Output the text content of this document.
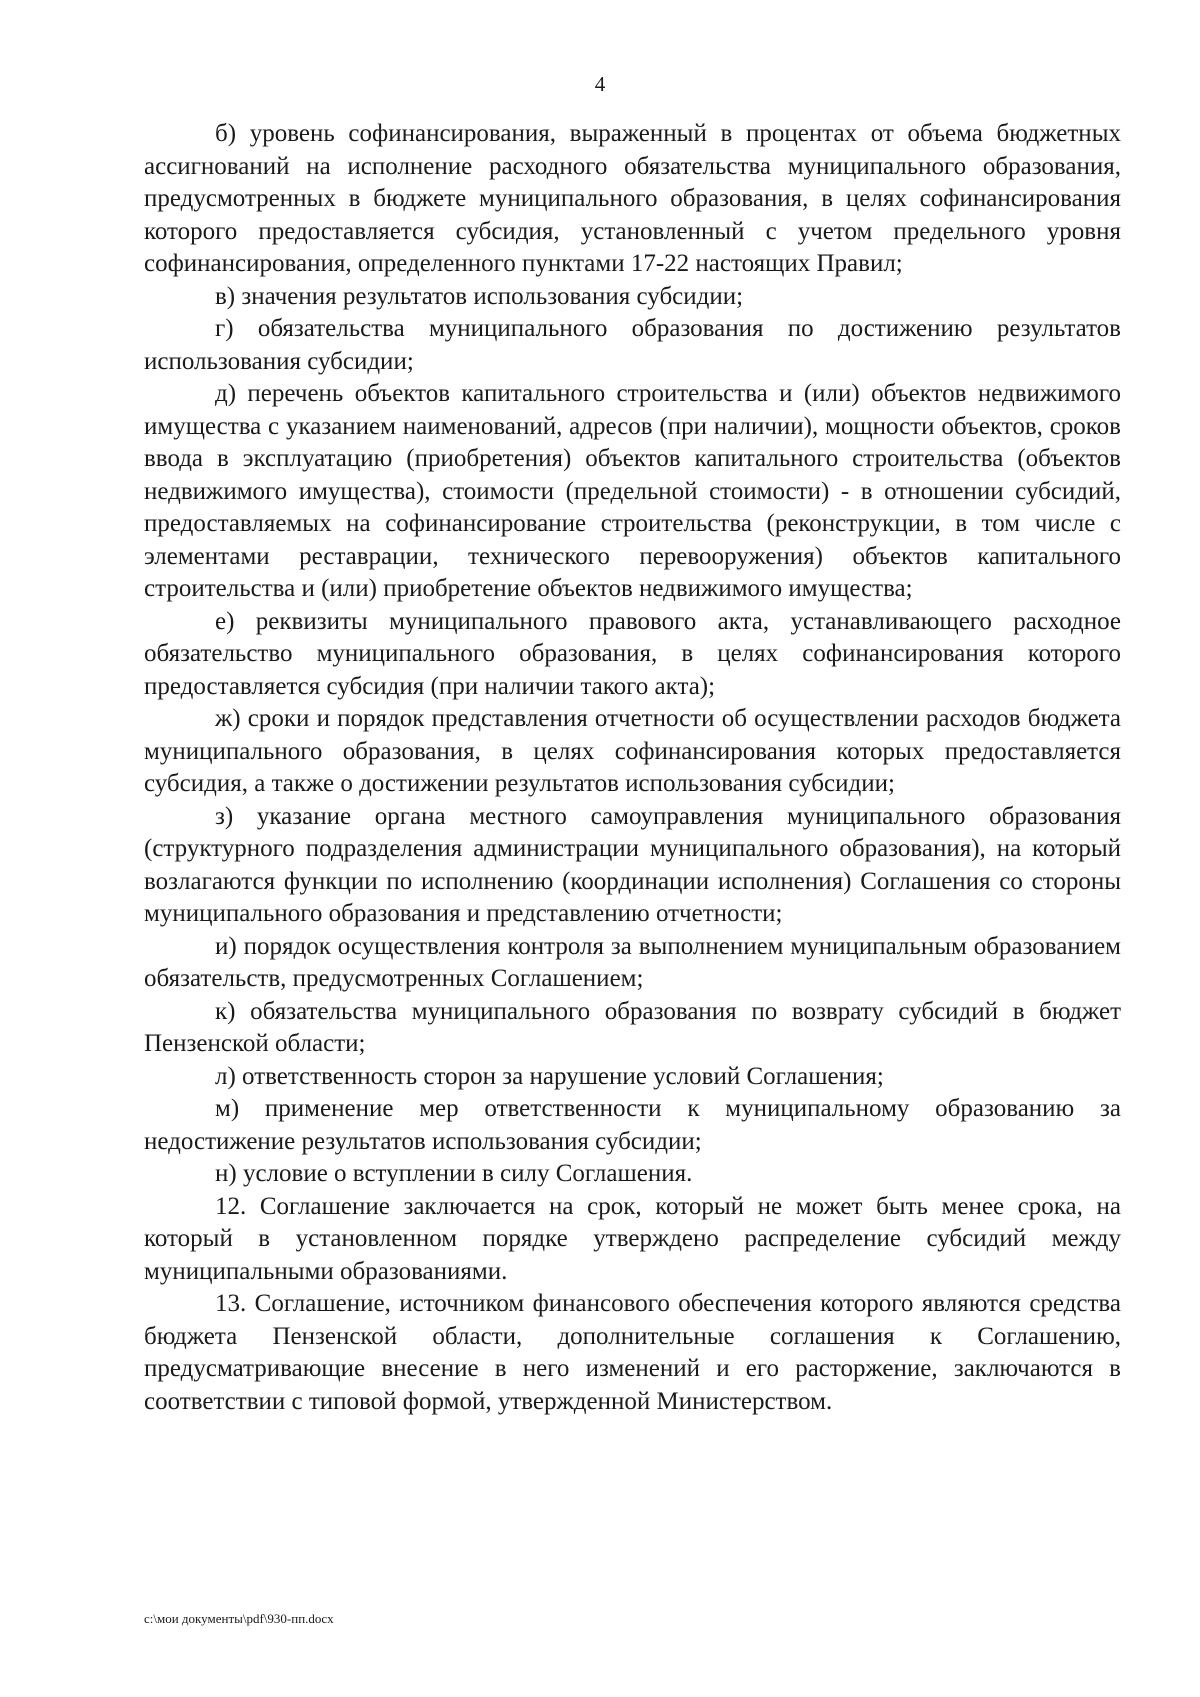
4

б) уровень софинансирования, выраженный в процентах от объема бюджетных ассигнований на исполнение расходного обязательства муниципального образования, предусмотренных в бюджете муниципального образования, в целях софинансирования которого предоставляется субсидия, установленный с учетом предельного уровня софинансирования, определенного пунктами 17-22 настоящих Правил;

в) значения результатов использования субсидии;

г) обязательства муниципального образования по достижению результатов использования субсидии;

д) перечень объектов капитального строительства и (или) объектов недвижимого имущества с указанием наименований, адресов (при наличии), мощности объектов, сроков ввода в эксплуатацию (приобретения) объектов капитального строительства (объектов недвижимого имущества), стоимости (предельной стоимости) - в отношении субсидий, предоставляемых на софинансирование строительства (реконструкции, в том числе с элементами реставрации, технического перевооружения) объектов капитального строительства и (или) приобретение объектов недвижимого имущества;

е) реквизиты муниципального правового акта, устанавливающего расходное обязательство муниципального образования, в целях софинансирования которого предоставляется субсидия (при наличии такого акта);

ж) сроки и порядок представления отчетности об осуществлении расходов бюджета муниципального образования, в целях софинансирования которых предоставляется субсидия, а также о достижении результатов использования субсидии;

з) указание органа местного самоуправления муниципального образования (структурного подразделения администрации муниципального образования), на который возлагаются функции по исполнению (координации исполнения) Соглашения со стороны муниципального образования и представлению отчетности;

и) порядок осуществления контроля за выполнением муниципальным образованием обязательств, предусмотренных Соглашением;

к) обязательства муниципального образования по возврату субсидий в бюджет Пензенской области;

л) ответственность сторон за нарушение условий Соглашения;

м) применение мер ответственности к муниципальному образованию за недостижение результатов использования субсидии;

н) условие о вступлении в силу Соглашения.

12. Соглашение заключается на срок, который не может быть менее срока, на который в установленном порядке утверждено распределение субсидий между муниципальными образованиями.

13. Соглашение, источником финансового обеспечения которого являются средства бюджета Пензенской области, дополнительные соглашения к Соглашению, предусматривающие внесение в него изменений и его расторжение, заключаются в соответствии с типовой формой, утвержденной Министерством.

c:\мои документы\pdf\930-пп.docx
